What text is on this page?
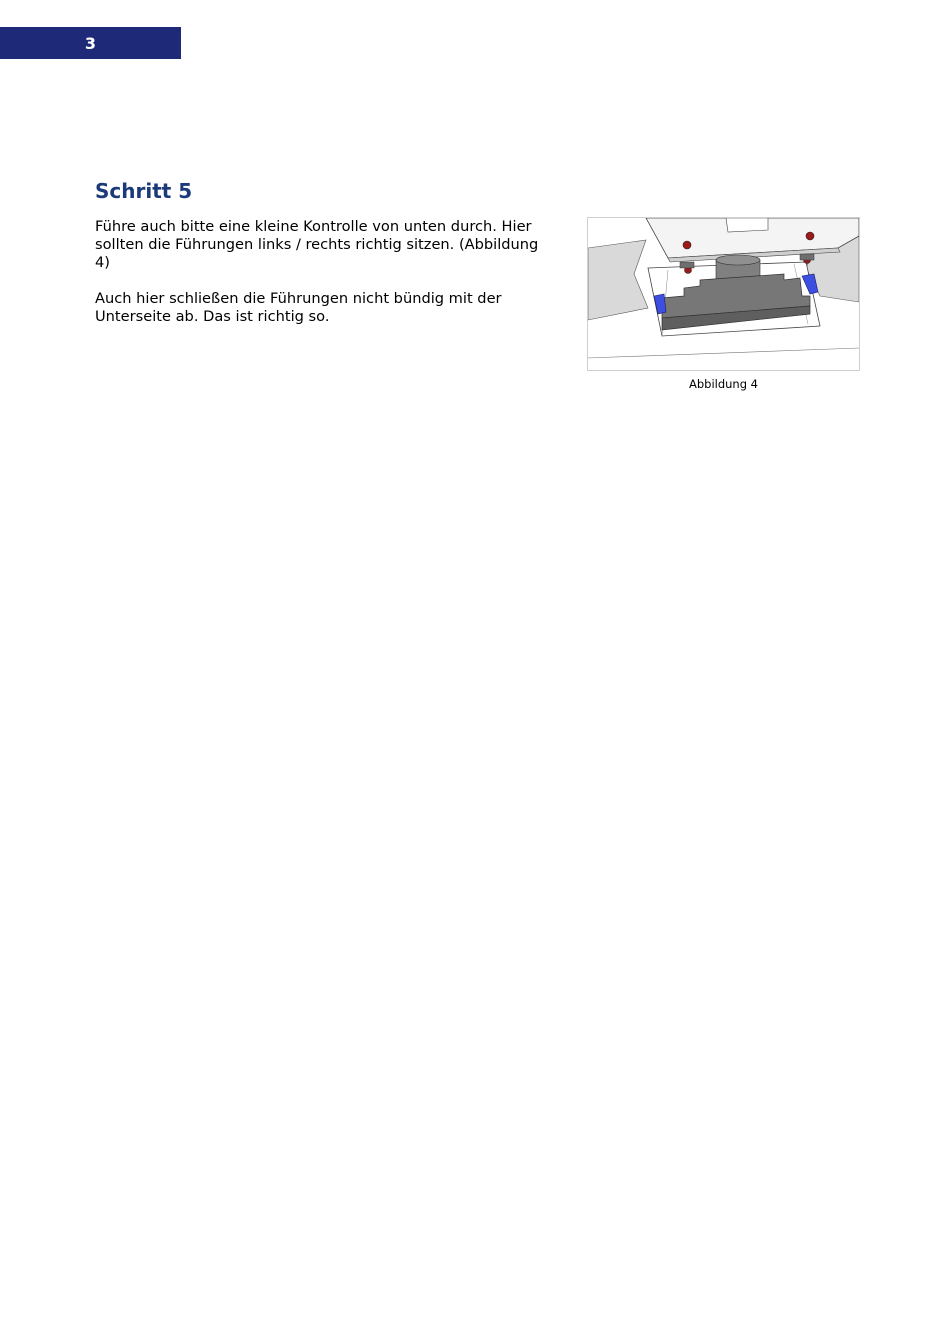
3
Schritt 5

Führe auch bitte eine kleine Kontrolle von unten durch. Hier sollten die Führungen links / rechts richtig sitzen. (Abbildung 4)

Auch hier schließen die Führungen nicht bündig mit der Unterseite ab. Das ist richtig so.

Abbildung 4
